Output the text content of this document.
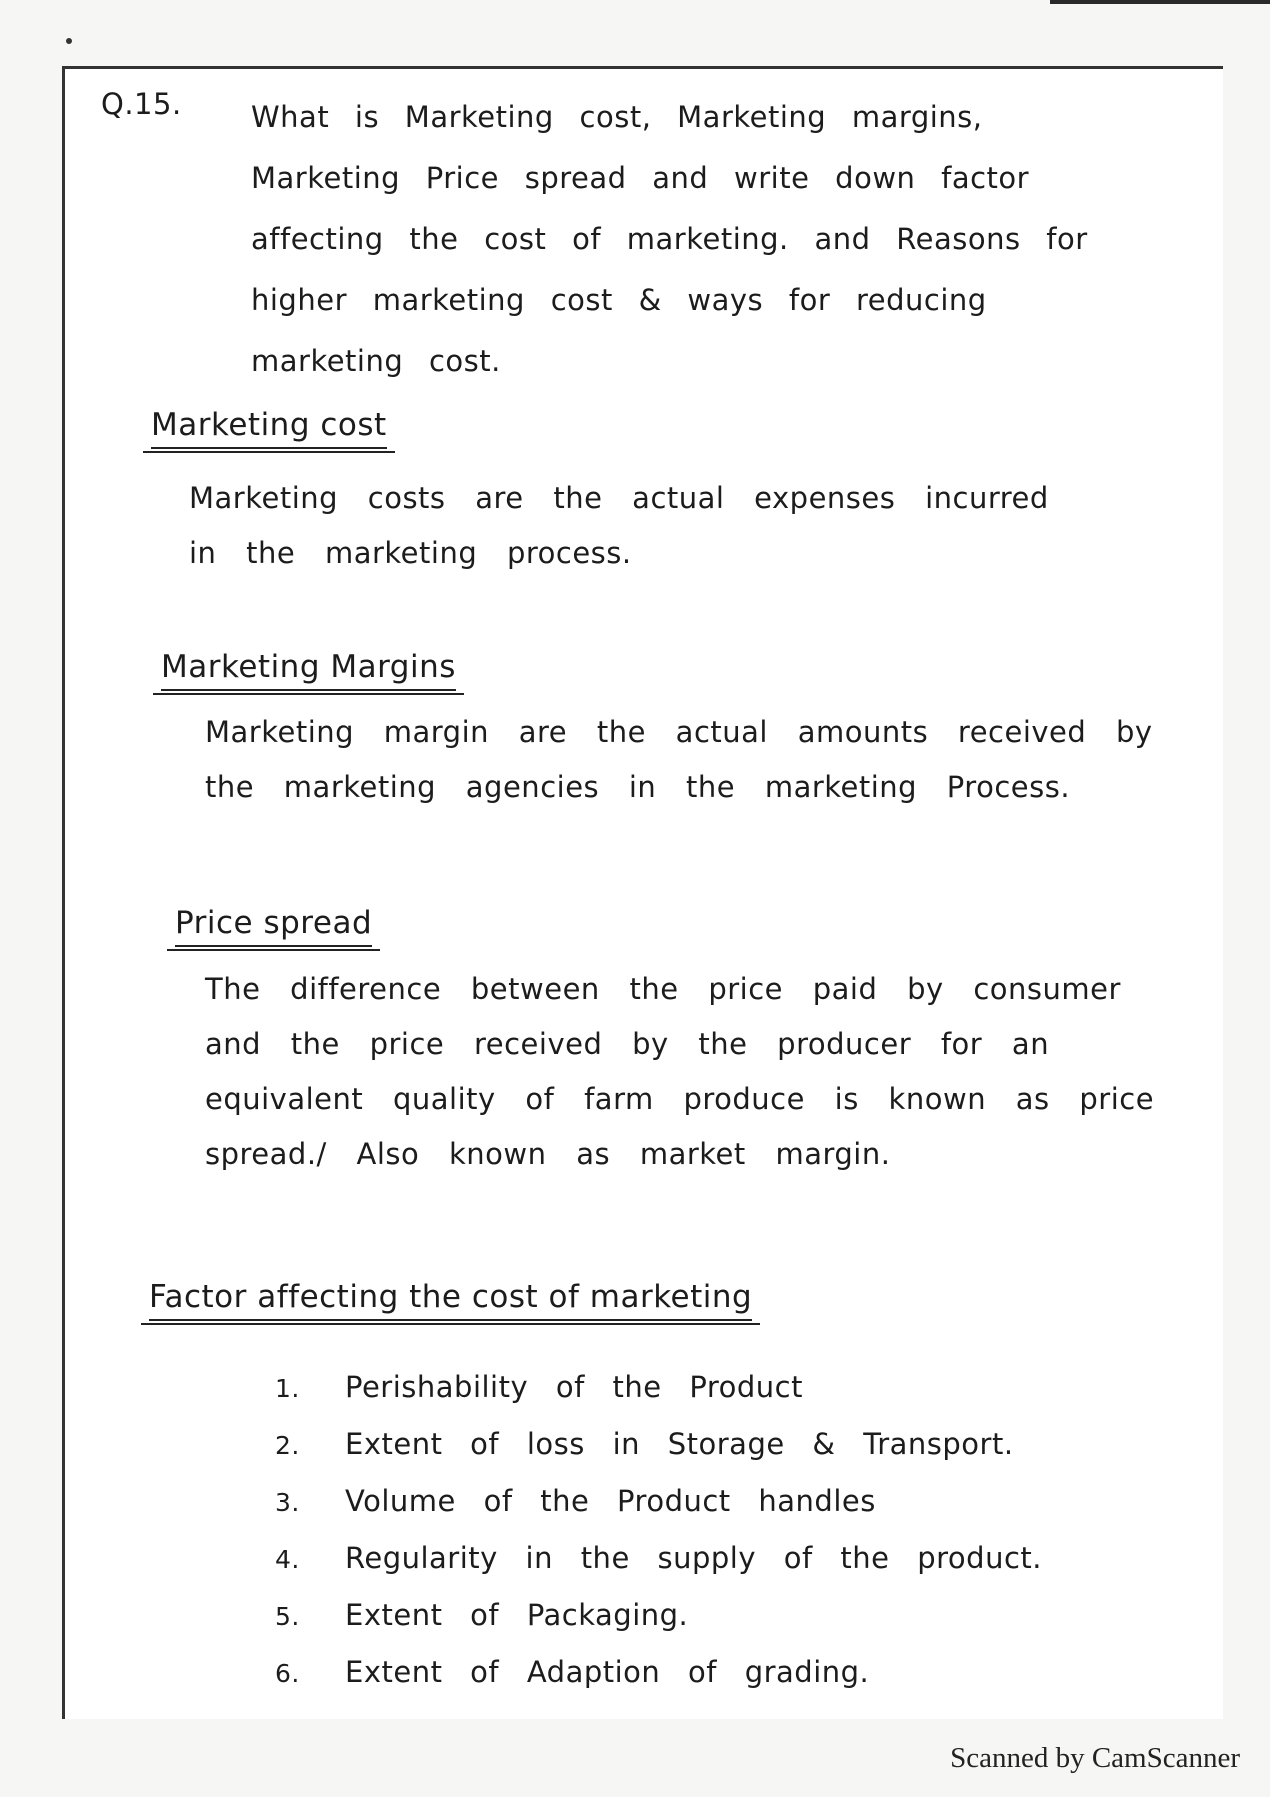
Q.15. What is Marketing cost, Marketing margins, Marketing Price spread and write down factor affecting the cost of marketing. and Reasons for higher marketing cost & ways for reducing marketing cost.
Marketing cost
Marketing costs are the actual expenses incurred in the marketing process.
Marketing Margins
Marketing margin are the actual amounts received by the marketing agencies in the marketing Process.
Price spread
The difference between the price paid by consumer and the price received by the producer for an equivalent quality of farm produce is known as price spread./ Also known as market margin.
Factor affecting the cost of marketing
1. Perishability of the Product
2. Extent of loss in Storage & Transport.
3. Volume of the Product handles
4. Regularity in the supply of the product.
5. Extent of Packaging.
6. Extent of Adaption of grading.
Scanned by CamScanner
